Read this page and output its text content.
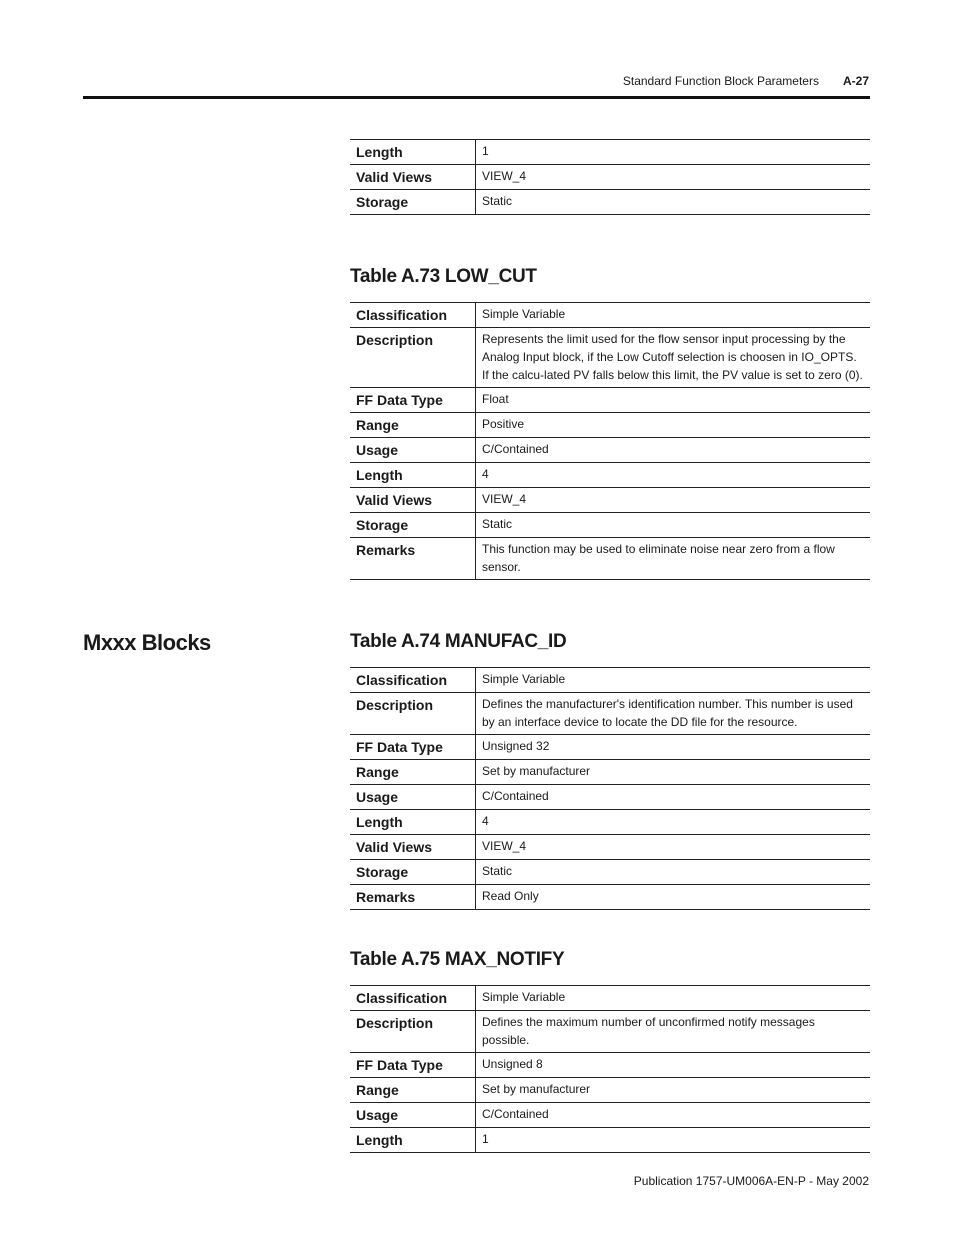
Standard Function Block Parameters A-27
Length	1
Valid Views	VIEW_4
Storage	Static
Table A.73 LOW_CUT
Classification	Simple Variable
Description	Represents the limit used for the flow sensor input processing by the Analog Input block, if the Low Cutoff selection is choosen in IO_OPTS. If the calcu-lated PV falls below this limit, the PV value is set to zero (0).
FF Data Type	Float
Range	Positive
Usage	C/Contained
Length	4
Valid Views	VIEW_4
Storage	Static
Remarks	This function may be used to eliminate noise near zero from a flow sensor.
Mxxx Blocks	Table A.74 MANUFAC_ID
Classification	Simple Variable
Description	Defines the manufacturer's identification number. This number is used by an interface device to locate the DD file for the resource.
FF Data Type	Unsigned 32
Range	Set by manufacturer
Usage	C/Contained
Length	4
Valid Views	VIEW_4
Storage	Static
Remarks	Read Only
Table A.75 MAX_NOTIFY
Classification	Simple Variable
Description	Defines the maximum number of unconfirmed notify messages possible.
FF Data Type	Unsigned 8
Range	Set by manufacturer
Usage	C/Contained
Length	1
Publication 1757-UM006A-EN-P - May 2002
